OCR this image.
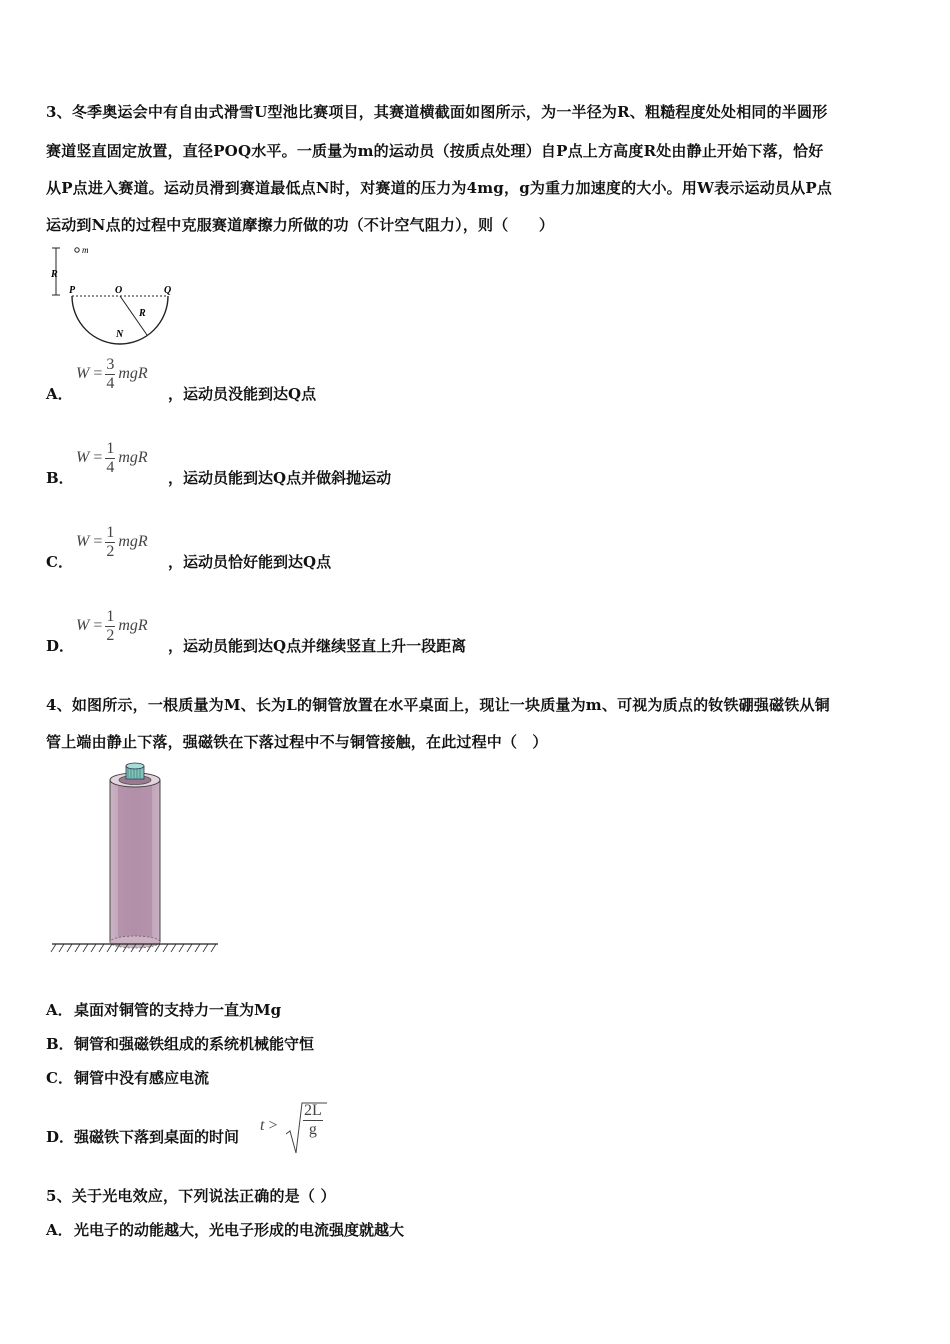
3、冬季奥运会中有自由式滑雪U型池比赛项目，其赛道横截面如图所示，为一半径为R、粗糙程度处处相同的半圆形
赛道竖直固定放置，直径POQ水平。一质量为m的运动员（按质点处理）自P点上方高度R处由静止开始下落，恰好
从P点进入赛道。运动员滑到赛道最低点N时，对赛道的压力为4mg，g为重力加速度的大小。用W表示运动员从P点
运动到N点的过程中克服赛道摩擦力所做的功（不计空气阻力），则（　　）
m
R
P	O	Q
R
N
A．
$W = \frac{3}{4}$ mgR
，运动员没能到达Q点
B．
$W = \frac{1}{4}$ mgR
，运动员能到达Q点并做斜抛运动
C．
$W = \frac{1}{2}$ mgR
，运动员恰好能到达Q点
D．
$W = \frac{1}{2}$ mgR
，运动员能到达Q点并继续竖直上升一段距离
4、如图所示，一根质量为M、长为L的铜管放置在水平桌面上，现让一块质量为m、可视为质点的钕铁硼强磁铁从铜
管上端由静止下落，强磁铁在下落过程中不与铜管接触，在此过程中（　）
A．桌面对铜管的支持力一直为Mg
B．铜管和强磁铁组成的系统机械能守恒
C．铜管中没有感应电流
D．强磁铁下落到桌面的时间
$t > \frac{2L}{g}$
5、关于光电效应，下列说法正确的是（ ）
A．光电子的动能越大，光电子形成的电流强度就越大
